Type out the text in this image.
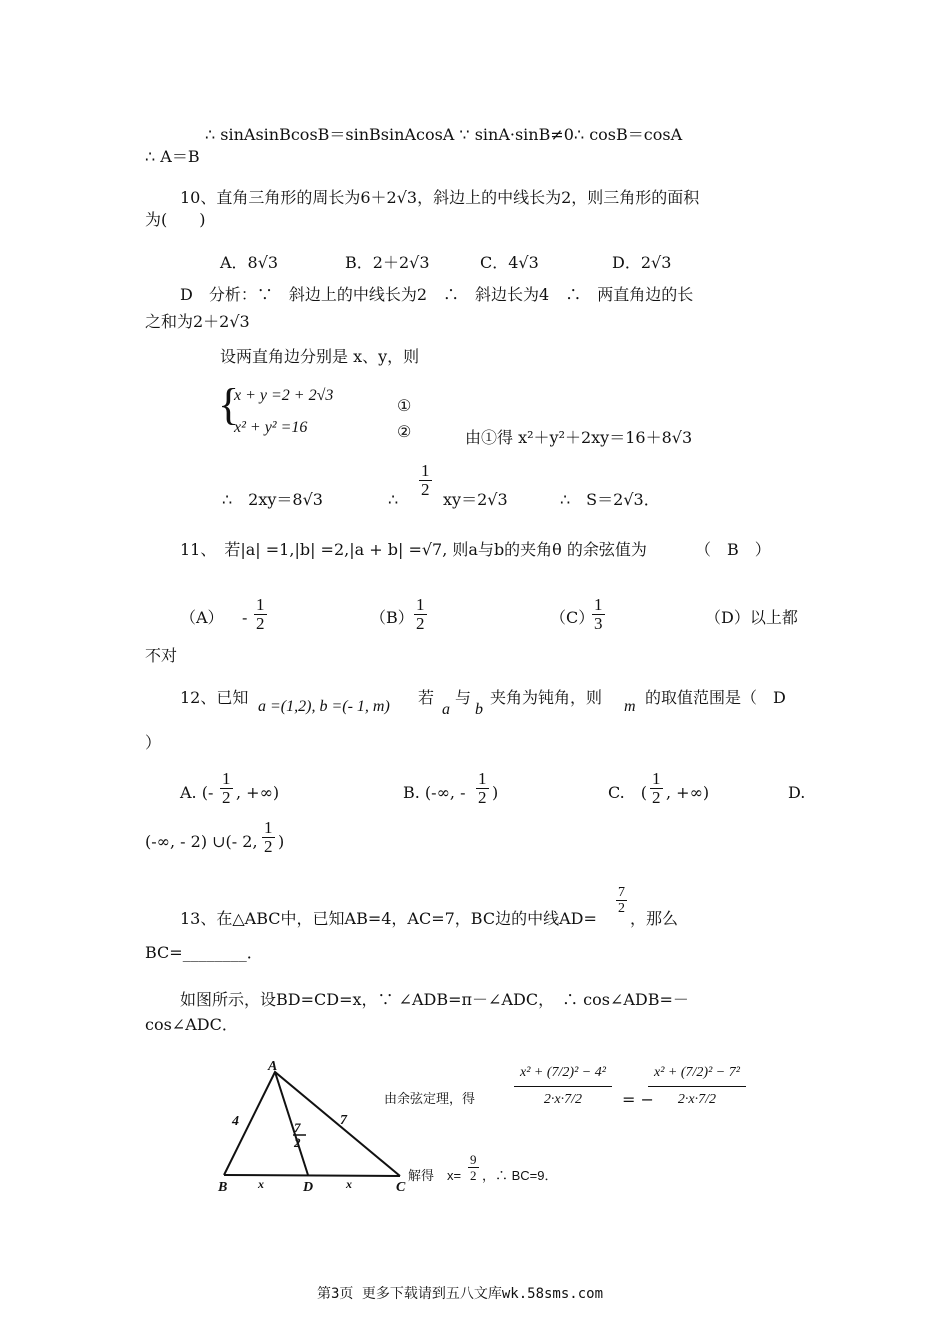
∴ sinAsinBcosB＝sinBsinAcosA ∵ sinA·sinB≠0∴ cosB＝cosA
∴ A＝B
10、直角三角形的周长为6＋2√3，斜边上的中线长为2，则三角形的面积
为(　　)
A．8√3	B．2＋2√3	C．4√3	D．2√3
D　分析：∵　斜边上的中线长为2　∴　斜边长为4　∴　两直角边的长
之和为2＋2√3
设两直角边分别是 x、y，则
{
x + y =2 + 2√3
x² + y² =16
①
②	由①得 x²＋y²＋2xy＝16＋8√3
∴　2xy＝8√3	∴
$\frac{1}{2}$
xy＝2√3	∴　S＝2√3．
11、　若|a| =1,|b| =2,|a + b| =√7, 则a与b的夹角θ 的余弦值为	（　B　）
$(A) - \frac{1}{2}$	$(B) \frac{1}{2}$	（C）
$\frac{1}{3}$	（D）以上都
不对
12、已知 a =(1,2), b =(- 1, m) 若
a
与
b
夹角为钝角，则 m 的取值范围是（　D
）
A. (- $\frac{1}{2}$ , +∞)	B. (-∞, - $\frac{1}{2}$ )	C.　( $\frac{1}{2}$ , +∞)	D.
(-∞, - 2) ∪(- 2, $\frac{1}{2}$ )
13、在△ABC中，已知AB=4，AC=7，BC边的中线AD=
$\frac{7}{2}$
，那么
BC=________．
如图所示，设BD=CD=x，∵ ∠ADB=π－∠ADC，　∴ cos∠ADB=－
cos∠ADC．
A
B	D	C
4	7
7
2
x	x
由余弦定理，得	$\frac{\text{x² + (7/2)² − 4²}}{2\cdot x\cdot 7/2}$ = −
$\frac{\text{x² + (7/2)² − 7²}}{2\cdot x\cdot 7/2}$
解得　$x= \frac{9}{2}$ ，∴ BC=9．
第3页 更多下载请到五八文库wk.58sms.com
